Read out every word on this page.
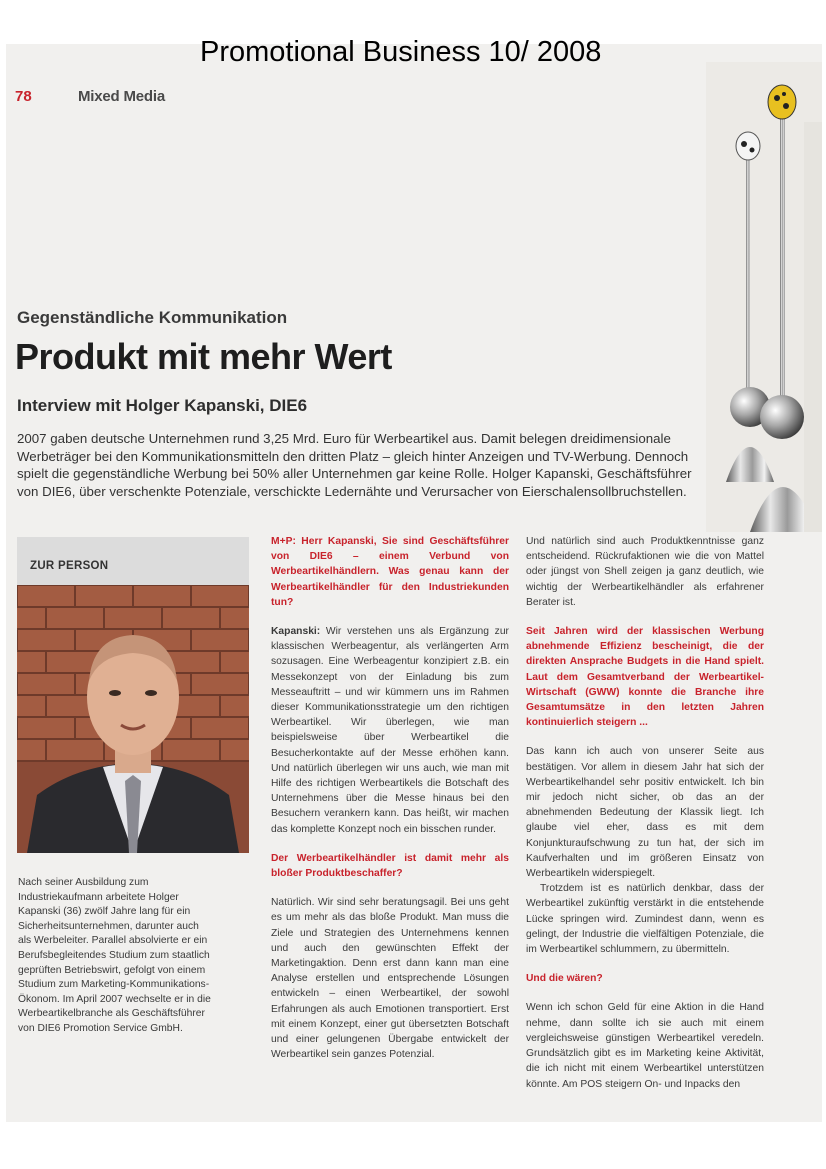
78	Mixed Media
Gegenständliche Kommunikation
Produkt mit mehr Wert
Interview mit Holger Kapanski, DIE6
2007 gaben deutsche Unternehmen rund 3,25 Mrd. Euro für Werbeartikel aus. Damit belegen dreidimensionale Werbeträger bei den Kommunikationsmitteln den dritten Platz – gleich hinter Anzeigen und TV-Werbung. Dennoch spielt die gegenständliche Werbung bei 50% aller Unternehmen gar keine Rolle. Holger Kapanski, Geschäftsführer von DIE6, über verschenkte Potenziale, verschickte Ledernähte und Verursacher von Eierschalensollbruchstellen.
ZUR PERSON
Nach seiner Ausbildung zum Industriekaufmann arbeitete Holger Kapanski (36) zwölf Jahre lang für ein Sicherheitsunternehmen, darunter auch als Werbeleiter. Parallel absolvierte er ein Berufsbegleitendes Studium zum staatlich geprüften Betriebswirt, gefolgt von einem Studium zum Marketing-Kommunikations-Ökonom. Im April 2007 wechselte er in die Werbeartikelbranche als Geschäftsführer von DIE6 Promotion Service GmbH.

M+P: Herr Kapanski, Sie sind Geschäftsführer von DIE6 – einem Verbund von Werbeartikelhändlern. Was genau kann der Werbeartikelhändler für den Industriekunden tun?

Kapanski: Wir verstehen uns als Ergänzung zur klassischen Werbeagentur, als verlängerten Arm sozusagen. Eine Werbeagentur konzipiert z.B. ein Messekonzept von der Einladung bis zum Messeauftritt – und wir kümmern uns im Rahmen dieser Kommunikationsstrategie um den richtigen Werbeartikel. Wir überlegen, wie man beispielsweise über Werbeartikel die Besucherkontakte auf der Messe erhöhen kann. Und natürlich überlegen wir uns auch, wie man mit Hilfe des richtigen Werbeartikels die Botschaft des Unternehmens über die Messe hinaus bei den Besuchern verankern kann. Das heißt, wir machen das komplette Konzept noch ein bisschen runder.

Der Werbeartikelhändler ist damit mehr als bloßer Produktbeschaffer?

Natürlich. Wir sind sehr beratungsagil. Bei uns geht es um mehr als das bloße Produkt. Man muss die Ziele und Strategien des Unternehmens kennen und auch den gewünschten Effekt der Marketingaktion. Denn erst dann kann man eine Analyse erstellen und entsprechende Lösungen entwickeln – einen Werbeartikel, der sowohl Erfahrungen als auch Emotionen transportiert. Erst mit einem Konzept, einer gut übersetzten Botschaft und einer gelungenen Übergabe entwickelt der Werbeartikel sein ganzes Potenzial.

Und natürlich sind auch Produktkenntnisse ganz entscheidend. Rückrufaktionen wie die von Mattel oder jüngst von Shell zeigen ja ganz deutlich, wie wichtig der Werbeartikelhändler als erfahrener Berater ist.

Seit Jahren wird der klassischen Werbung abnehmende Effizienz bescheinigt, die der direkten Ansprache Budgets in die Hand spielt. Laut dem Gesamtverband der Werbeartikel-Wirtschaft (GWW) konnte die Branche ihre Gesamtumsätze in den letzten Jahren kontinuierlich steigern ...

Das kann ich auch von unserer Seite aus bestätigen. Vor allem in diesem Jahr hat sich der Werbeartikelhandel sehr positiv entwickelt. Ich bin mir jedoch nicht sicher, ob das an der abnehmenden Bedeutung der Klassik liegt. Ich glaube viel eher, dass es mit dem Konjunkturaufschwung zu tun hat, der sich im Kaufverhalten und im größeren Einsatz von Werbeartikeln widerspiegelt.

Trotzdem ist es natürlich denkbar, dass der Werbeartikel zukünftig verstärkt in die entstehende Lücke springen wird. Zumindest dann, wenn es gelingt, der Industrie die vielfältigen Potenziale, die im Werbeartikel schlummern, zu übermitteln.

Und die wären?

Wenn ich schon Geld für eine Aktion in die Hand nehme, dann sollte ich sie auch mit einem vergleichsweise günstigen Werbeartikel veredeln. Grundsätzlich gibt es im Marketing keine Aktivität, die ich nicht mit einem Werbeartikel unterstützen könnte. Am POS steigern On- und Inpacks den

Promotional Business 10/ 2008
